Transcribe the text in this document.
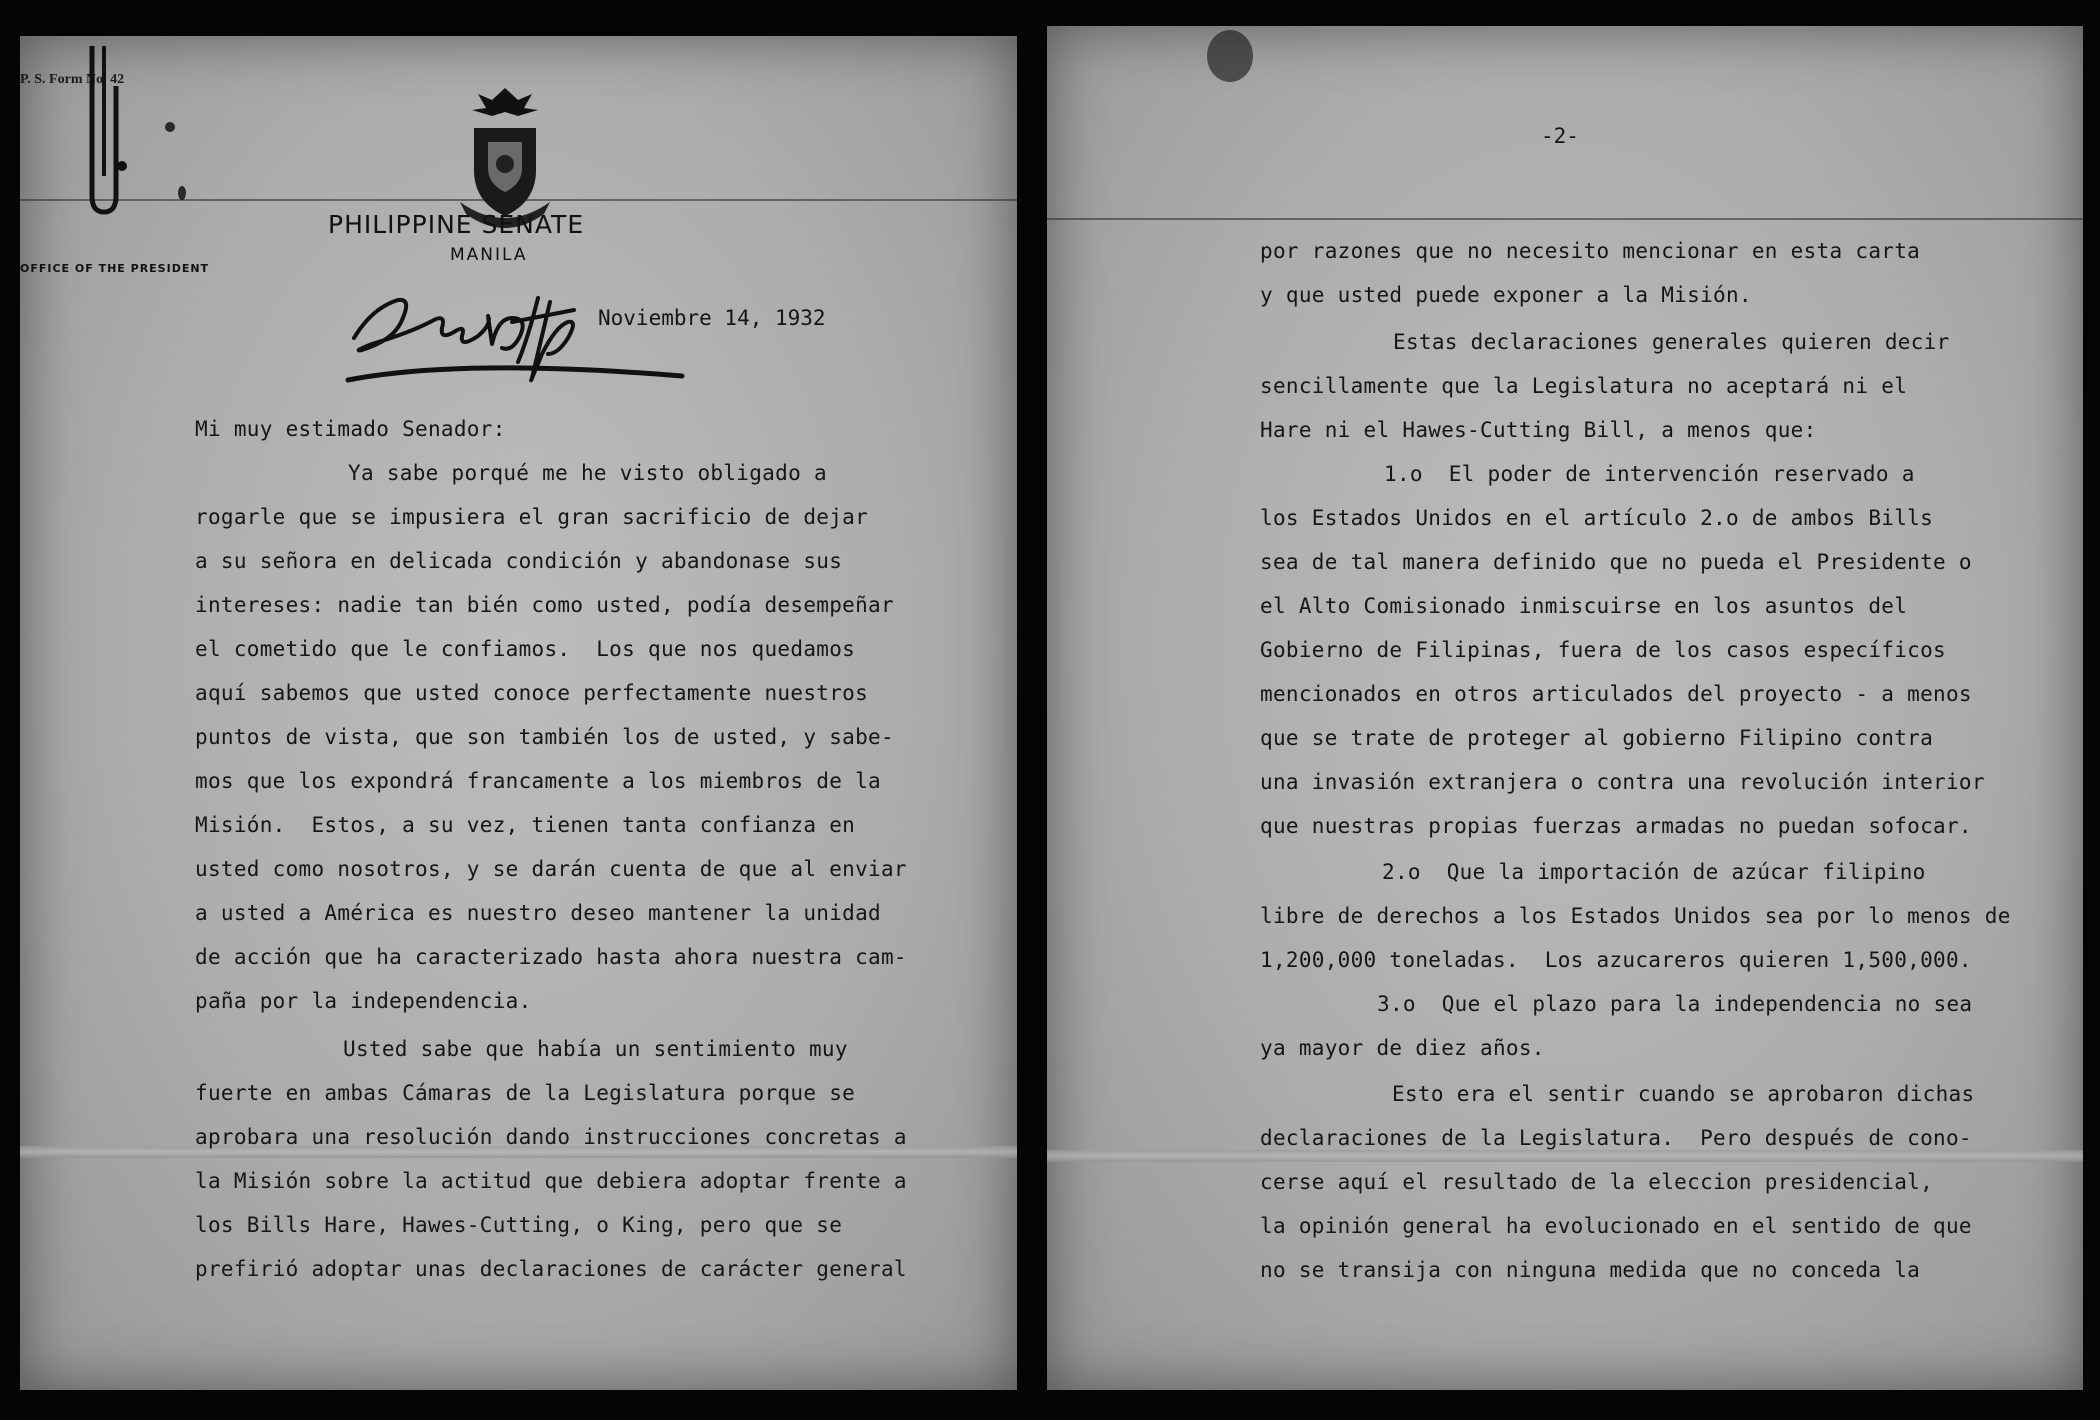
P. S. Form No. 42
PHILIPPINE SENATE
MANILA
OFFICE OF THE PRESIDENT
Noviembre 14, 1932
Mi muy estimado Senador:
Ya sabe porqué me he visto obligado a
rogarle que se impusiera el gran sacrificio de dejar
a su señora en delicada condición y abandonase sus
intereses: nadie tan bién como usted, podía desempeñar
el cometido que le confiamos.  Los que nos quedamos
aquí sabemos que usted conoce perfectamente nuestros
puntos de vista, que son también los de usted, y sabe-
mos que los expondrá francamente a los miembros de la
Misión.  Estos, a su vez, tienen tanta confianza en
usted como nosotros, y se darán cuenta de que al enviar
a usted a América es nuestro deseo mantener la unidad
de acción que ha caracterizado hasta ahora nuestra cam-
paña por la independencia.
Usted sabe que había un sentimiento muy
fuerte en ambas Cámaras de la Legislatura porque se
aprobara una resolución dando instrucciones concretas a
la Misión sobre la actitud que debiera adoptar frente a
los Bills Hare, Hawes-Cutting, o King, pero que se
prefirió adoptar unas declaraciones de carácter general
-2-
por razones que no necesito mencionar en esta carta
y que usted puede exponer a la Misión.
Estas declaraciones generales quieren decir
sencillamente que la Legislatura no aceptará ni el
Hare ni el Hawes-Cutting Bill, a menos que:
1.o  El poder de intervención reservado a
los Estados Unidos en el artículo 2.o de ambos Bills
sea de tal manera definido que no pueda el Presidente o
el Alto Comisionado inmiscuirse en los asuntos del
Gobierno de Filipinas, fuera de los casos específicos
mencionados en otros articulados del proyecto - a menos
que se trate de proteger al gobierno Filipino contra
una invasión extranjera o contra una revolución interior
que nuestras propias fuerzas armadas no puedan sofocar.
2.o  Que la importación de azúcar filipino
libre de derechos a los Estados Unidos sea por lo menos de
1,200,000 toneladas.  Los azucareros quieren 1,500,000.
3.o  Que el plazo para la independencia no sea
ya mayor de diez años.
Esto era el sentir cuando se aprobaron dichas
declaraciones de la Legislatura.  Pero después de cono-
cerse aquí el resultado de la eleccion presidencial,
la opinión general ha evolucionado en el sentido de que
no se transija con ninguna medida que no conceda la
